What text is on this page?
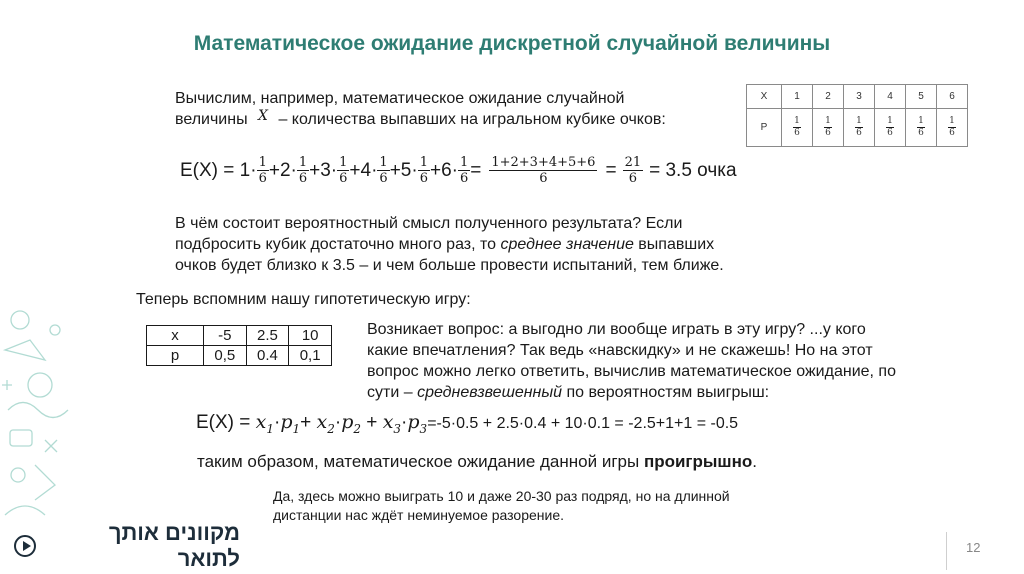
Математическое ожидание дискретной случайной величины
Вычислим, например, математическое ожидание случайной
величины X – количества выпавших на игральном кубике очков:
X	1	2	3	4	5	6
P	$\frac{1}{6}$	$\frac{1}{6}$	$\frac{1}{6}$	$\frac{1}{6}$	$\frac{1}{6}$	$\frac{1}{6}$
$E(X) = 1\cdot \frac{1}{6} +2\cdot \frac{1}{6} +3\cdot \frac{1}{6} +4\cdot \frac{1}{6} +5\cdot \frac{1}{6} +6\cdot \frac{1}{6} = \frac{1+2+3+4+5+6}{6} = \frac{21}{6} = 3.5$ очка
В чём состоит вероятностный смысл полученного результата? Если
подбросить кубик достаточно много раз, то среднее значение выпавших
очков будет близко к 3.5 – и чем больше провести испытаний, тем ближе.
Теперь вспомним нашу гипотетическую игру:
x	-5	2.5	10
p	0,5	0.4	0,1
Возникает вопрос: а выгодно ли вообще играть в эту игру? ...у кого
какие впечатления? Так ведь «навскидку» и не скажешь! Но на этот
вопрос можно легко ответить, вычислив математическое ожидание, по
сути – средневзвешенный по вероятностям выигрыш:
$E(X) = x_1\cdot p_1+ x_2\cdot p_2 + x_3\cdot p_3=-5\cdot 0.5 + 2.5\cdot 0.4 + 10\cdot 0.1 = -2.5+1+1 = -0.5$
таким образом, математическое ожидание данной игры проигрышно.
Да, здесь можно выиграть 10 и даже 20-30 раз подряд, но на длинной
дистанции нас ждёт неминуемое разорение.
מקוונים אותך לתואר	12
